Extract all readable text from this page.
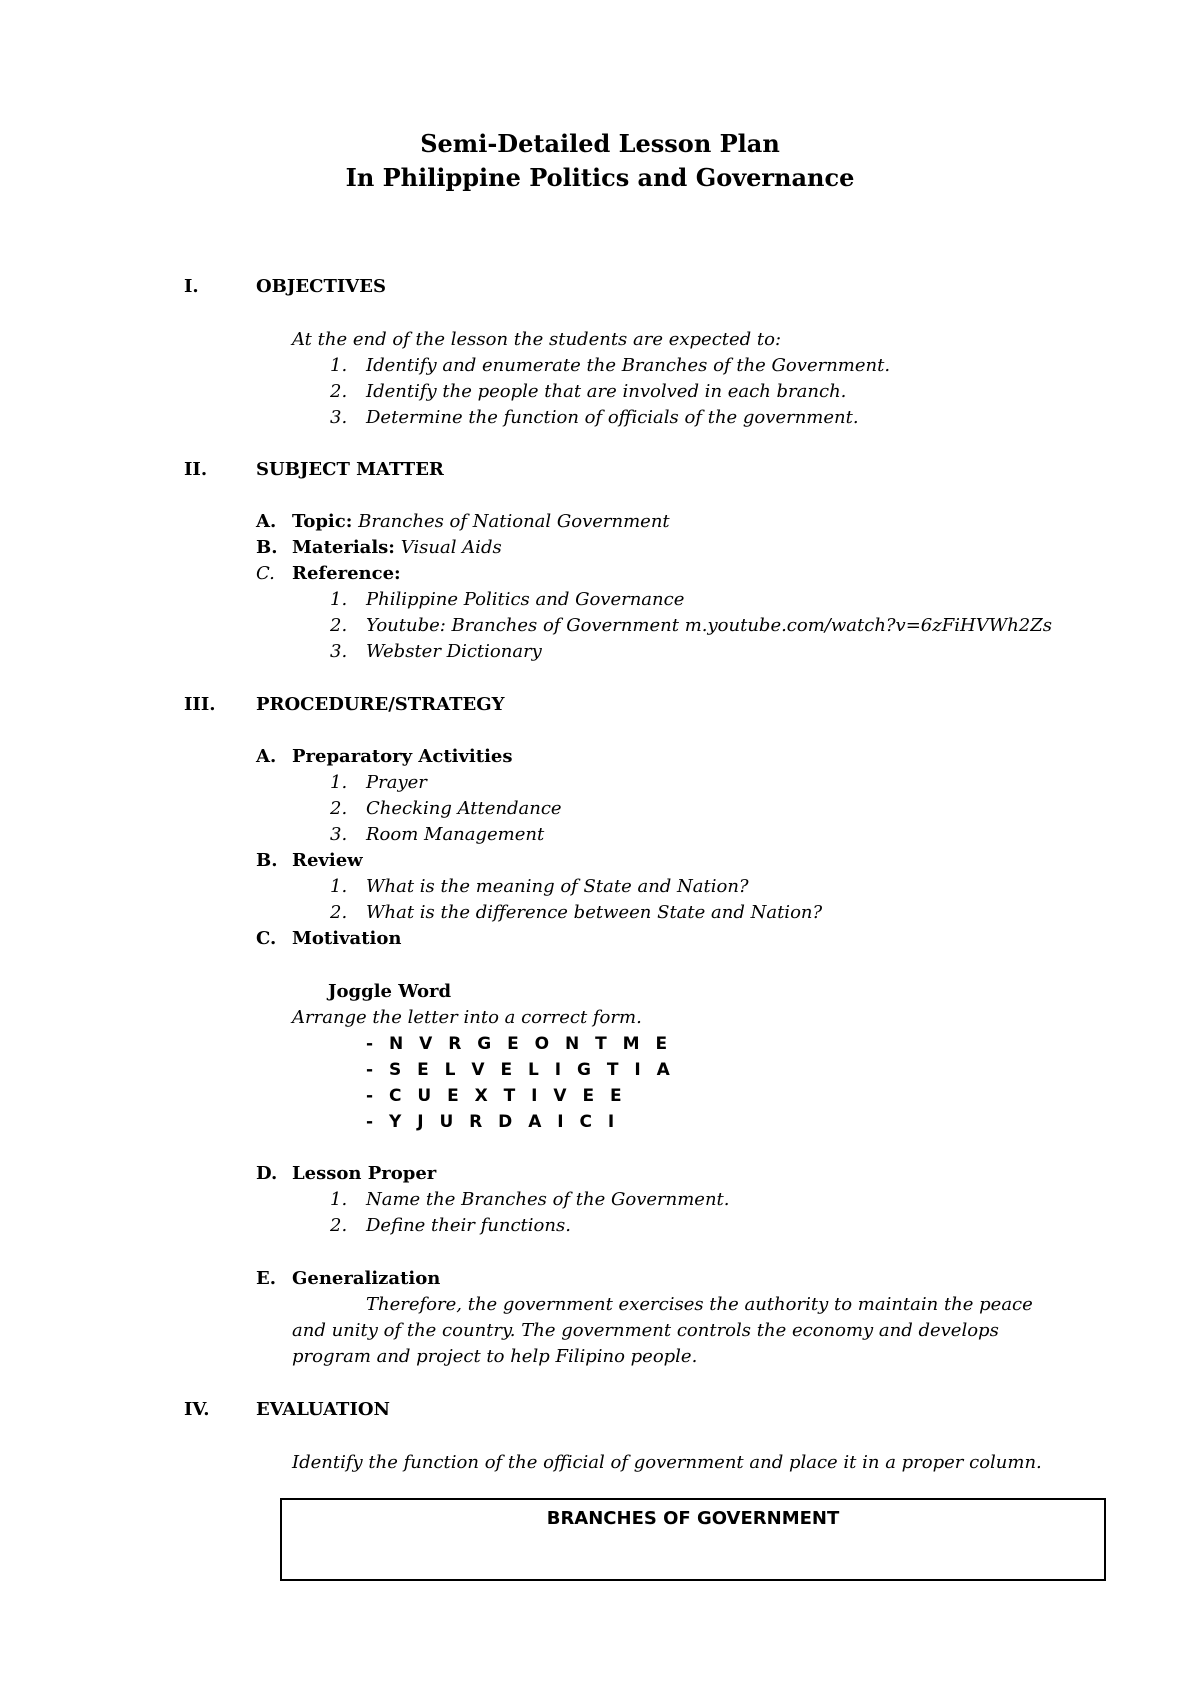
Semi-Detailed Lesson Plan
In Philippine Politics and Governance
I.	OBJECTIVES
At the end of the lesson the students are expected to:
1. Identify and enumerate the Branches of the Government.
2. Identify the people that are involved in each branch.
3. Determine the function of officials of the government.
II.	SUBJECT MATTER
A. Topic: Branches of National Government
B. Materials: Visual Aids
C. Reference:
1. Philippine Politics and Governance
2. Youtube: Branches of Government m.youtube.com/watch?v=6zFiHVWh2Zs
3. Webster Dictionary
III. PROCEDURE/STRATEGY
A. Preparatory Activities
1. Prayer
2. Checking Attendance
3. Room Management
B. Review
1. What is the meaning of State and Nation?
2. What is the difference between State and Nation?
C. Motivation
Joggle Word
Arrange the letter into a correct form.
- N V R G E O N T M E
- S E L V E L I G T I A
- C U E X T I V E E
- Y J U R D A I C I
D. Lesson Proper
1. Name the Branches of the Government.
2. Define their functions.
E. Generalization
Therefore, the government exercises the authority to maintain the peace
and unity of the country. The government controls the economy and develops
program and project to help Filipino people.
IV.	EVALUATION
Identify the function of the official of government and place it in a proper column.
BRANCHES OF GOVERNMENT
